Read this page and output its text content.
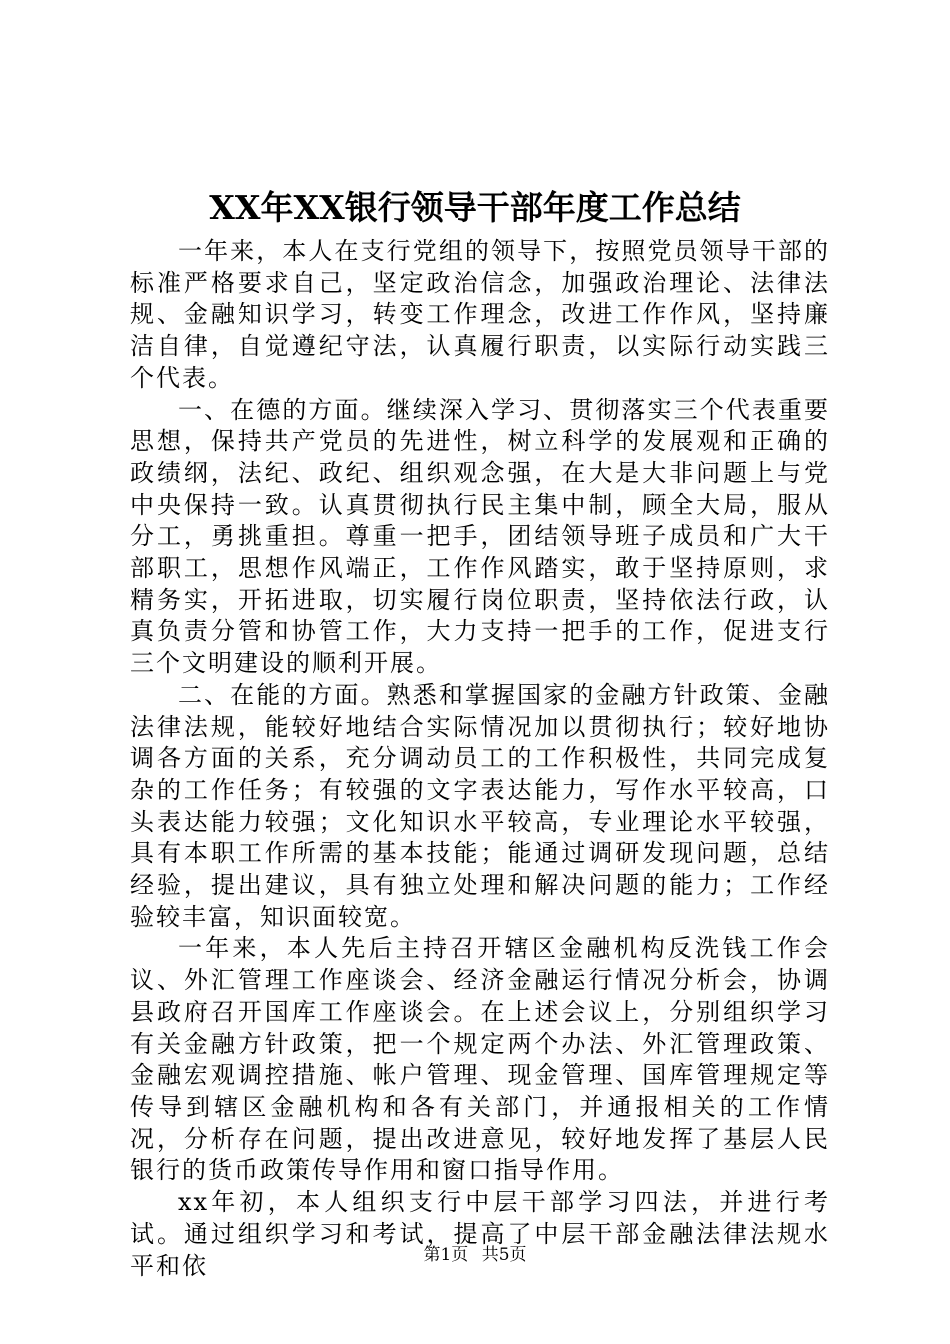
XX年XX银行领导干部年度工作总结

一年来，本人在支行党组的领导下，按照党员领导干部的标准严格要求自己，坚定政治信念，加强政治理论、法律法规、金融知识学习，转变工作理念，改进工作作风，坚持廉洁自律，自觉遵纪守法，认真履行职责，以实际行动实践三个代表。

一、在德的方面。继续深入学习、贯彻落实三个代表重要思想，保持共产党员的先进性，树立科学的发展观和正确的政绩纲，法纪、政纪、组织观念强，在大是大非问题上与党中央保持一致。认真贯彻执行民主集中制，顾全大局，服从分工，勇挑重担。尊重一把手，团结领导班子成员和广大干部职工，思想作风端正，工作作风踏实，敢于坚持原则，求精务实，开拓进取，切实履行岗位职责，坚持依法行政，认真负责分管和协管工作，大力支持一把手的工作，促进支行三个文明建设的顺利开展。

二、在能的方面。熟悉和掌握国家的金融方针政策、金融法律法规，能较好地结合实际情况加以贯彻执行；较好地协调各方面的关系，充分调动员工的工作积极性，共同完成复杂的工作任务；有较强的文字表达能力，写作水平较高，口头表达能力较强；文化知识水平较高，专业理论水平较强，具有本职工作所需的基本技能；能通过调研发现问题，总结经验，提出建议，具有独立处理和解决问题的能力；工作经验较丰富，知识面较宽。

一年来，本人先后主持召开辖区金融机构反洗钱工作会议、外汇管理工作座谈会、经济金融运行情况分析会，协调县政府召开国库工作座谈会。在上述会议上，分别组织学习有关金融方针政策，把一个规定两个办法、外汇管理政策、金融宏观调控措施、帐户管理、现金管理、国库管理规定等传导到辖区金融机构和各有关部门，并通报相关的工作情况，分析存在问题，提出改进意见，较好地发挥了基层人民银行的货币政策传导作用和窗口指导作用。

xx年初，本人组织支行中层干部学习四法，并进行考试。通过组织学习和考试，提高了中层干部金融法律法规水平和依	第1页 共5页
